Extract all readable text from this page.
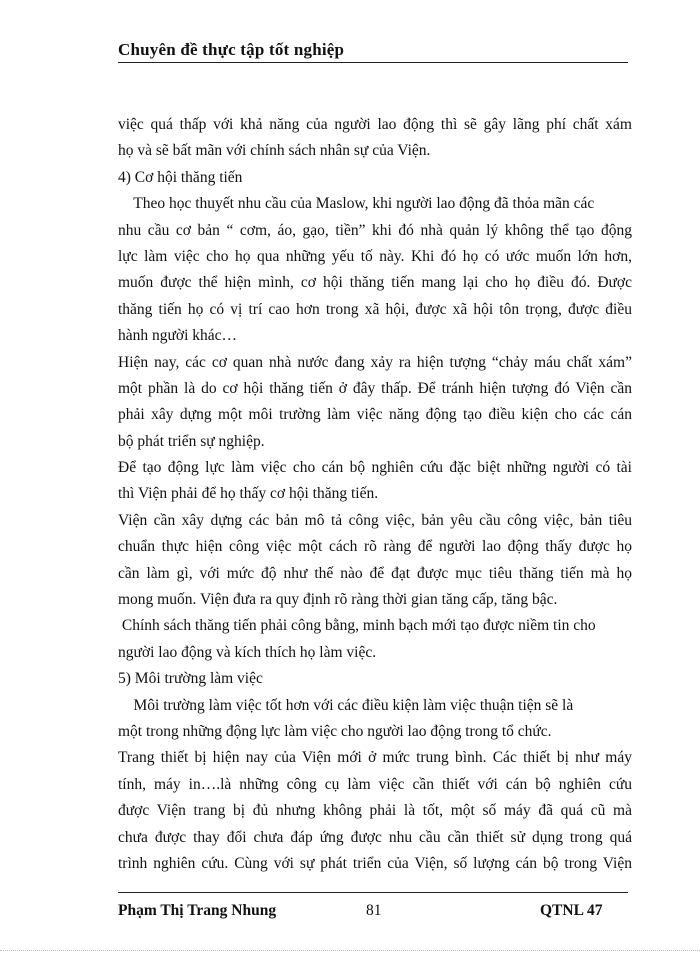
Chuyên đề thực tập tốt nghiệp
việc quá thấp với khả năng của người lao động thì sẽ gây lãng phí chất xám
họ và sẽ bất mãn với chính sách nhân sự của Viện.
4) Cơ hội thăng tiến
Theo học thuyết nhu cầu của Maslow, khi người lao động đã thỏa mãn các
nhu cầu cơ bản “ cơm, áo, gạo, tiền” khi đó nhà quản lý không thể tạo động
lực làm việc cho họ qua những yếu tố này. Khi đó họ có ước muốn lớn hơn,
muốn được thể hiện mình, cơ hội thăng tiến mang lại cho họ điều đó. Được
thăng tiến họ có vị trí cao hơn trong xã hội, được xã hội tôn trọng, được điều
hành người khác…
Hiện nay, các cơ quan nhà nước đang xảy ra hiện tượng “chảy máu chất xám”
một phần là do cơ hội thăng tiến ở đây thấp. Để tránh hiện tượng đó Viện cần
phải xây dựng một môi trường làm việc năng động tạo điều kiện cho các cán
bộ phát triển sự nghiệp.
Để tạo động lực làm việc cho cán bộ nghiên cứu đặc biệt những người có tài
thì Viện phải để họ thấy cơ hội thăng tiến.
Viện cần xây dựng các bản mô tả công việc, bản yêu cầu công việc, bản tiêu
chuẩn thực hiện công việc một cách rõ ràng để người lao động thấy được họ
cần làm gì, với mức độ như thế nào để đạt được mục tiêu thăng tiến mà họ
mong muốn. Viện đưa ra quy định rõ ràng thời gian tăng cấp, tăng bậc.
Chính sách thăng tiến phải công bằng, minh bạch mới tạo được niềm tin cho
người lao động và kích thích họ làm việc.
5) Môi trường làm việc
Môi trường làm việc tốt hơn với các điều kiện làm việc thuận tiện sẽ là
một trong những động lực làm việc cho người lao động trong tổ chức.
Trang thiết bị hiện nay của Viện mới ở mức trung bình. Các thiết bị như máy
tính, máy in….là những công cụ làm việc cần thiết với cán bộ nghiên cứu
được Viện trang bị đủ nhưng không phải là tốt, một số máy đã quá cũ mà
chưa được thay đổi chưa đáp ứng được nhu cầu cần thiết sử dụng trong quá
trình nghiên cứu. Cùng với sự phát triển của Viện, số lượng cán bộ trong Viện
Phạm Thị Trang Nhung	81	QTNL 47
